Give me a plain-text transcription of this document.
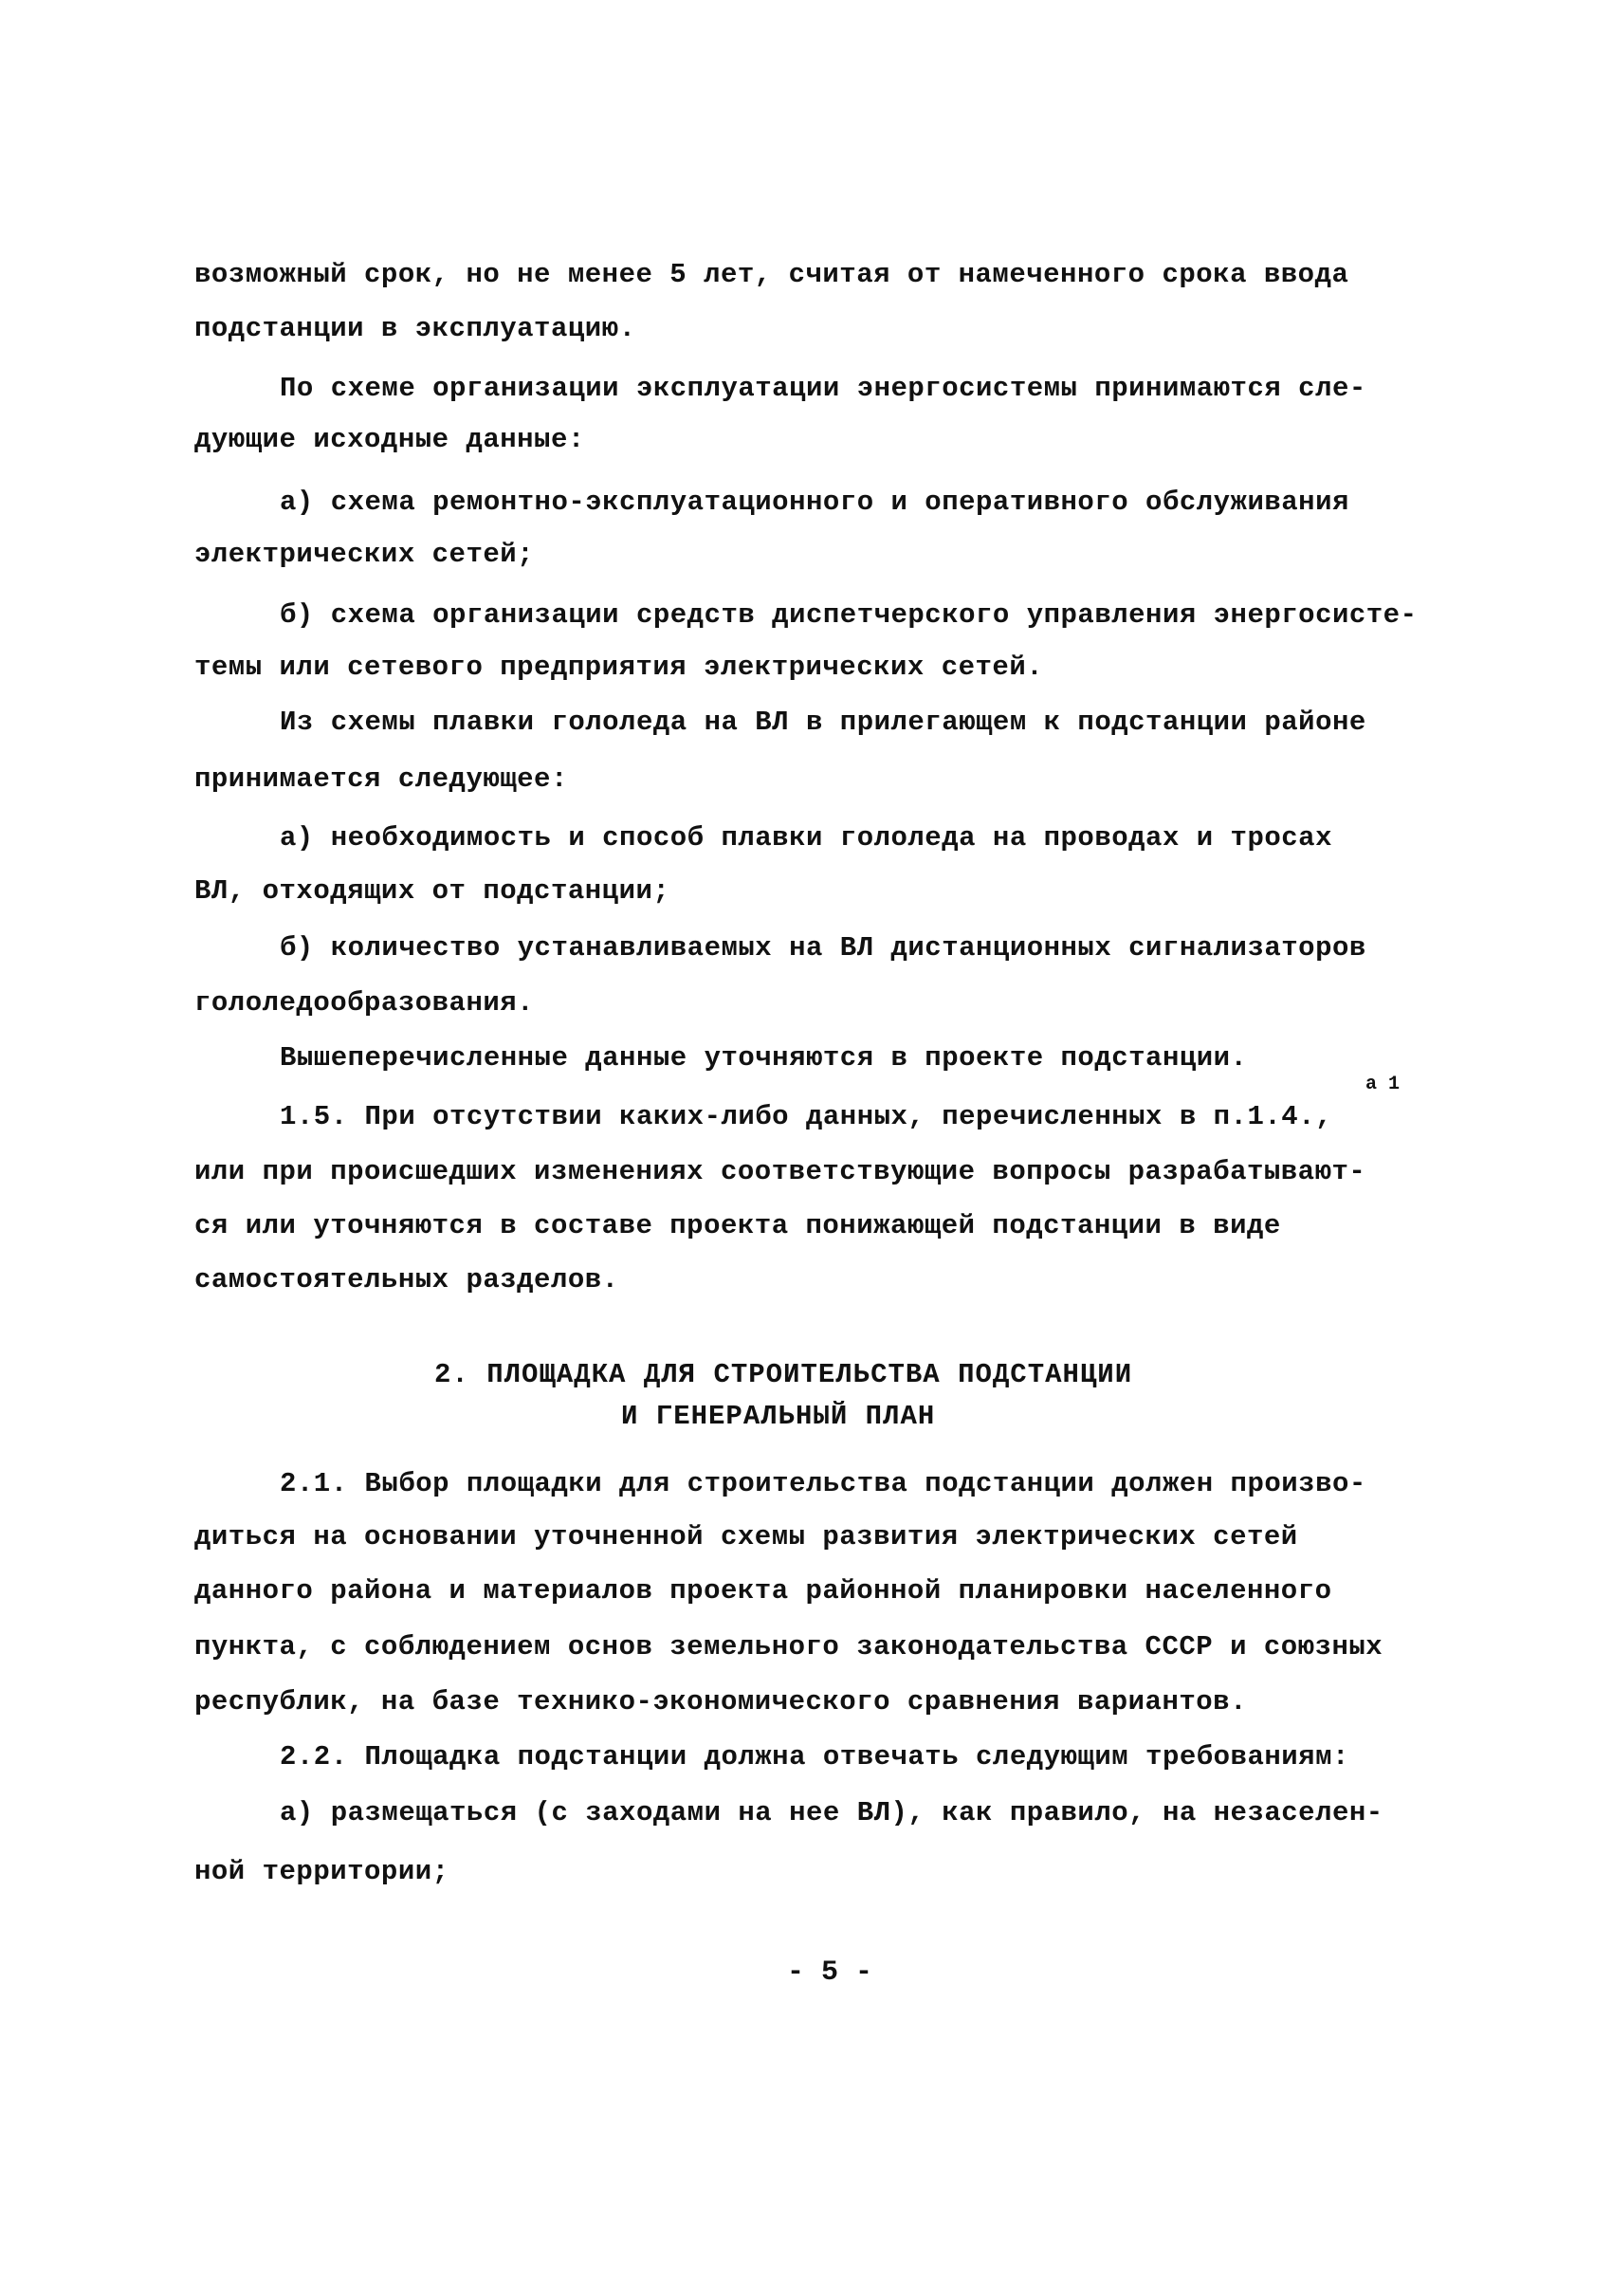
возможный срок, но не менее 5 лет, считая от намеченного срока ввода
подстанции в эксплуатацию.
По схеме организации эксплуатации энергосистемы принимаются сле-
дующие исходные данные:
а) схема ремонтно-эксплуатационного и оперативного обслуживания
электрических сетей;
б) схема организации средств диспетчерского управления энергосисте-
темы или сетевого предприятия электрических сетей.
Из схемы плавки гололеда на ВЛ в прилегающем к подстанции районе
принимается следующее:
а) необходимость и способ плавки гололеда на проводах и тросах
ВЛ, отходящих от подстанции;
б) количество устанавливаемых на ВЛ дистанционных сигнализаторов
гололедообразования.
Вышеперечисленные данные уточняются в проекте подстанции.
1.5. При отсутствии каких-либо данных, перечисленных в п.1.4.,
а 1
или при происшедших изменениях соответствующие вопросы разрабатывают-
ся или уточняются в составе проекта понижающей подстанции в виде
самостоятельных разделов.
2. ПЛОЩАДКА ДЛЯ СТРОИТЕЛЬСТВА ПОДСТАНЦИИ
И ГЕНЕРАЛЬНЫЙ ПЛАН
2.1. Выбор площадки для строительства подстанции должен произво-
диться на основании уточненной схемы развития электрических сетей
данного района и материалов проекта районной планировки населенного
пункта, с соблюдением основ земельного законодательства СССР и союзных
республик, на базе технико-экономического сравнения вариантов.
2.2. Площадка подстанции должна отвечать следующим требованиям:
а) размещаться (с заходами на нее ВЛ), как правило, на незаселен-
ной территории;
- 5 -
